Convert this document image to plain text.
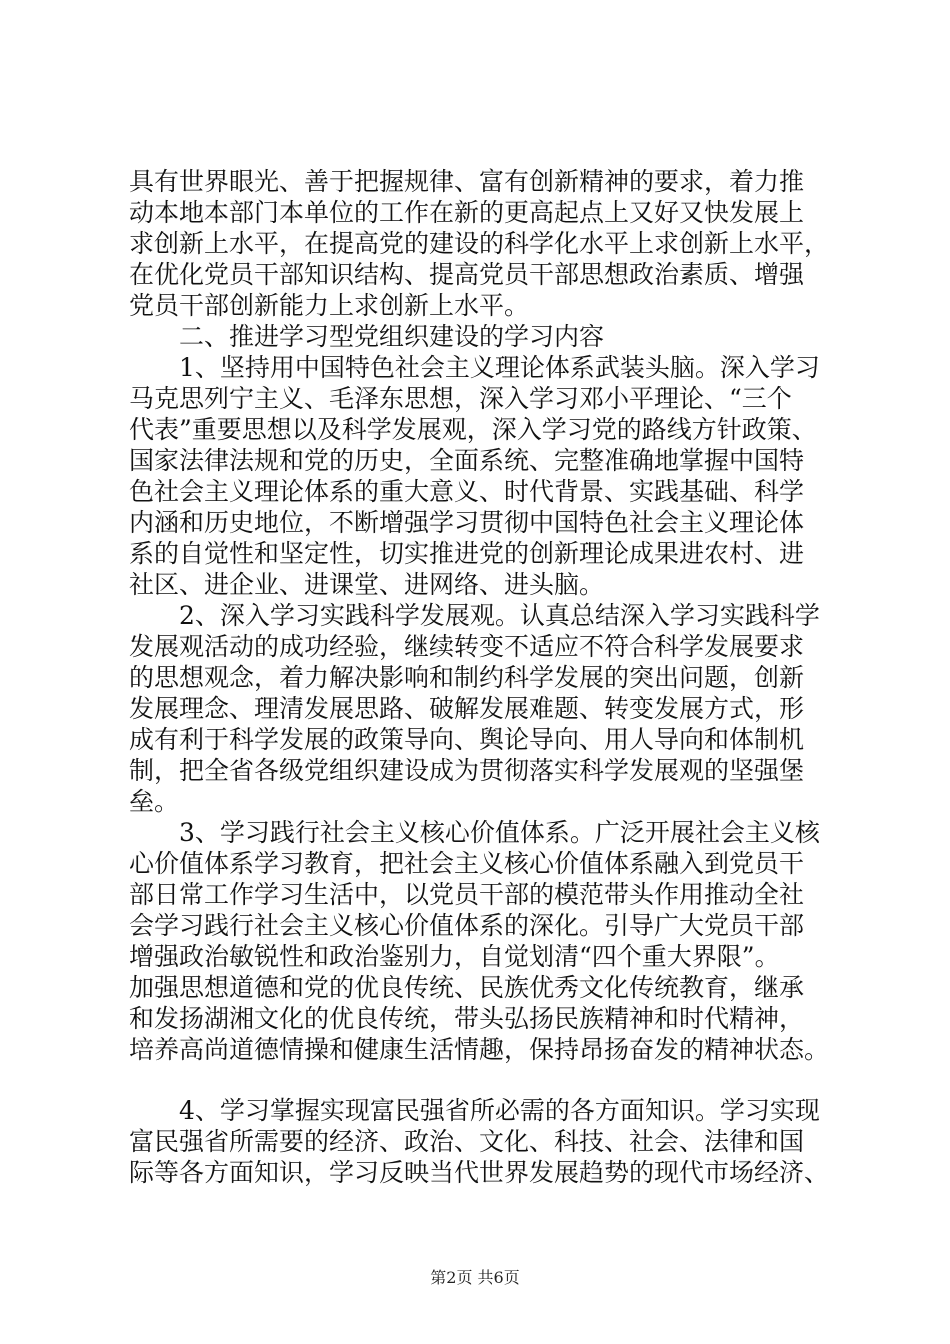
具有世界眼光、善于把握规律、富有创新精神的要求，着力推
动本地本部门本单位的工作在新的更高起点上又好又快发展上
求创新上水平，在提高党的建设的科学化水平上求创新上水平，
在优化党员干部知识结构、提高党员干部思想政治素质、增强
党员干部创新能力上求创新上水平。
　　二、推进学习型党组织建设的学习内容
　　1、坚持用中国特色社会主义理论体系武装头脑。深入学习
马克思列宁主义、毛泽东思想，深入学习邓小平理论、“三个
代表”重要思想以及科学发展观，深入学习党的路线方针政策、
国家法律法规和党的历史，全面系统、完整准确地掌握中国特
色社会主义理论体系的重大意义、时代背景、实践基础、科学
内涵和历史地位，不断增强学习贯彻中国特色社会主义理论体
系的自觉性和坚定性，切实推进党的创新理论成果进农村、进
社区、进企业、进课堂、进网络、进头脑。
　　2、深入学习实践科学发展观。认真总结深入学习实践科学
发展观活动的成功经验，继续转变不适应不符合科学发展要求
的思想观念，着力解决影响和制约科学发展的突出问题，创新
发展理念、理清发展思路、破解发展难题、转变发展方式，形
成有利于科学发展的政策导向、舆论导向、用人导向和体制机
制，把全省各级党组织建设成为贯彻落实科学发展观的坚强堡
垒。
　　3、学习践行社会主义核心价值体系。广泛开展社会主义核
心价值体系学习教育，把社会主义核心价值体系融入到党员干
部日常工作学习生活中，以党员干部的模范带头作用推动全社
会学习践行社会主义核心价值体系的深化。引导广大党员干部
增强政治敏锐性和政治鉴别力，自觉划清“四个重大界限”。
加强思想道德和党的优良传统、民族优秀文化传统教育，继承
和发扬湖湘文化的优良传统，带头弘扬民族精神和时代精神，
培养高尚道德情操和健康生活情趣，保持昂扬奋发的精神状态。
　　4、学习掌握实现富民强省所必需的各方面知识。学习实现
富民强省所需要的经济、政治、文化、科技、社会、法律和国
际等各方面知识，学习反映当代世界发展趋势的现代市场经济、
第2页 共6页
